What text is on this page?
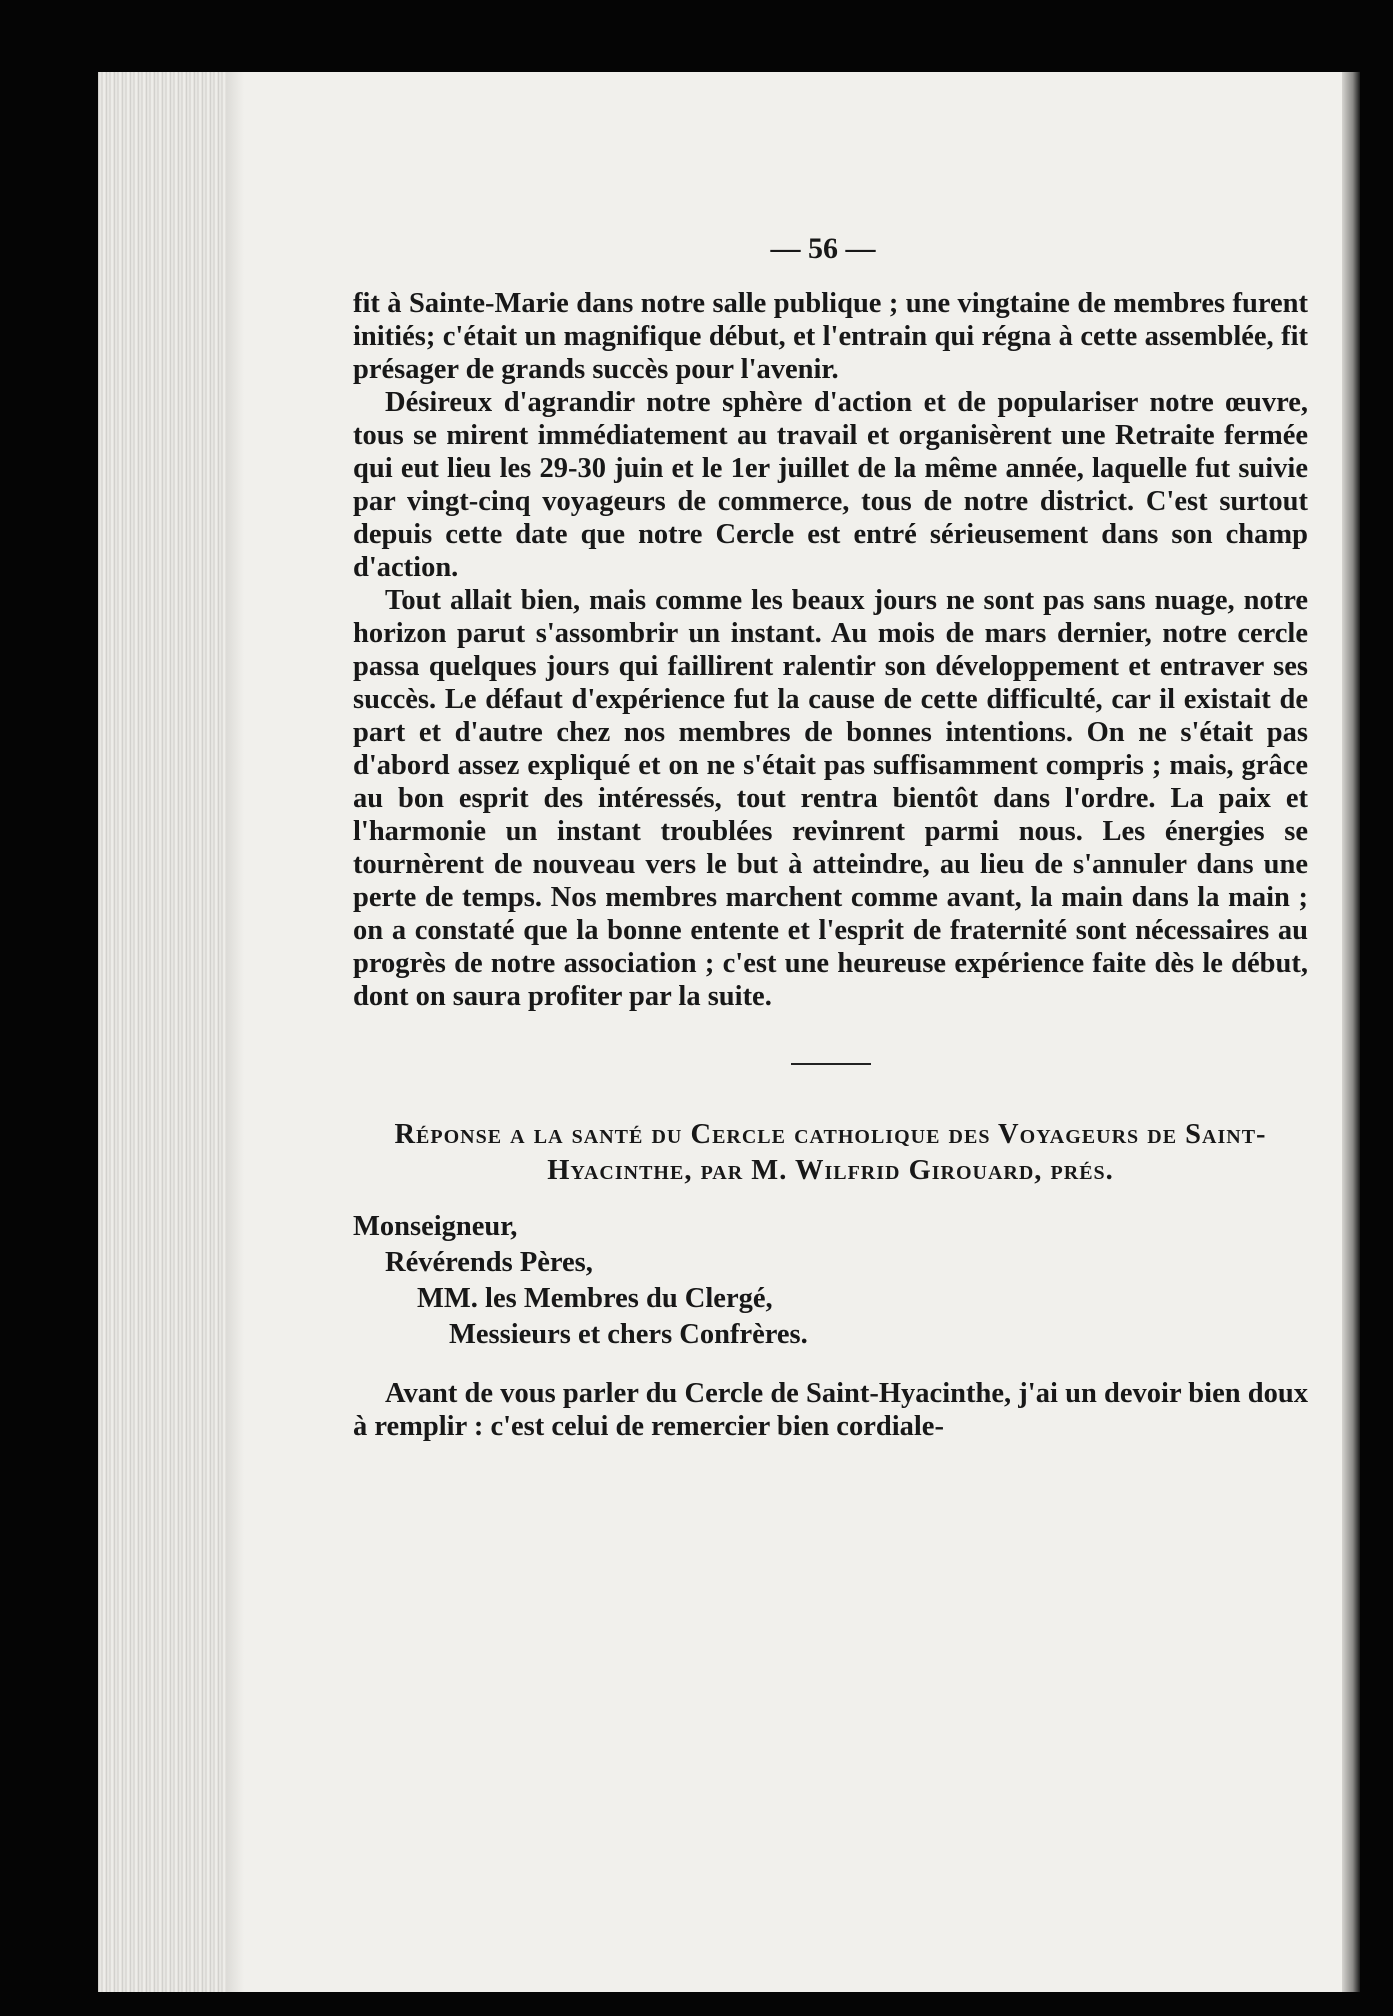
— 56 —

fit à Sainte-Marie dans notre salle publique ; une vingtaine de membres furent initiés; c'était un magnifique début, et l'entrain qui régna à cette assemblée, fit présager de grands succès pour l'avenir.

Désireux d'agrandir notre sphère d'action et de populariser notre œuvre, tous se mirent immédiatement au travail et organisèrent une Retraite fermée qui eut lieu les 29-30 juin et le 1er juillet de la même année, laquelle fut suivie par vingt-cinq voyageurs de commerce, tous de notre district. C'est surtout depuis cette date que notre Cercle est entré sérieusement dans son champ d'action.

Tout allait bien, mais comme les beaux jours ne sont pas sans nuage, notre horizon parut s'assombrir un instant. Au mois de mars dernier, notre cercle passa quelques jours qui faillirent ralentir son développement et entraver ses succès. Le défaut d'expérience fut la cause de cette difficulté, car il existait de part et d'autre chez nos membres de bonnes intentions. On ne s'était pas d'abord assez expliqué et on ne s'était pas suffisamment compris ; mais, grâce au bon esprit des intéressés, tout rentra bientôt dans l'ordre. La paix et l'harmonie un instant troublées revinrent parmi nous. Les énergies se tournèrent de nouveau vers le but à atteindre, au lieu de s'annuler dans une perte de temps. Nos membres marchent comme avant, la main dans la main ; on a constaté que la bonne entente et l'esprit de fraternité sont nécessaires au progrès de notre association ; c'est une heureuse expérience faite dès le début, dont on saura profiter par la suite.

Réponse a la santé du Cercle catholique des Voyageurs de Saint-Hyacinthe, par M. Wilfrid Girouard, prés.

Monseigneur,
Révérends Pères,
MM. les Membres du Clergé,
Messieurs et chers Confrères.

Avant de vous parler du Cercle de Saint-Hyacinthe, j'ai un devoir bien doux à remplir : c'est celui de remercier bien cordiale-
